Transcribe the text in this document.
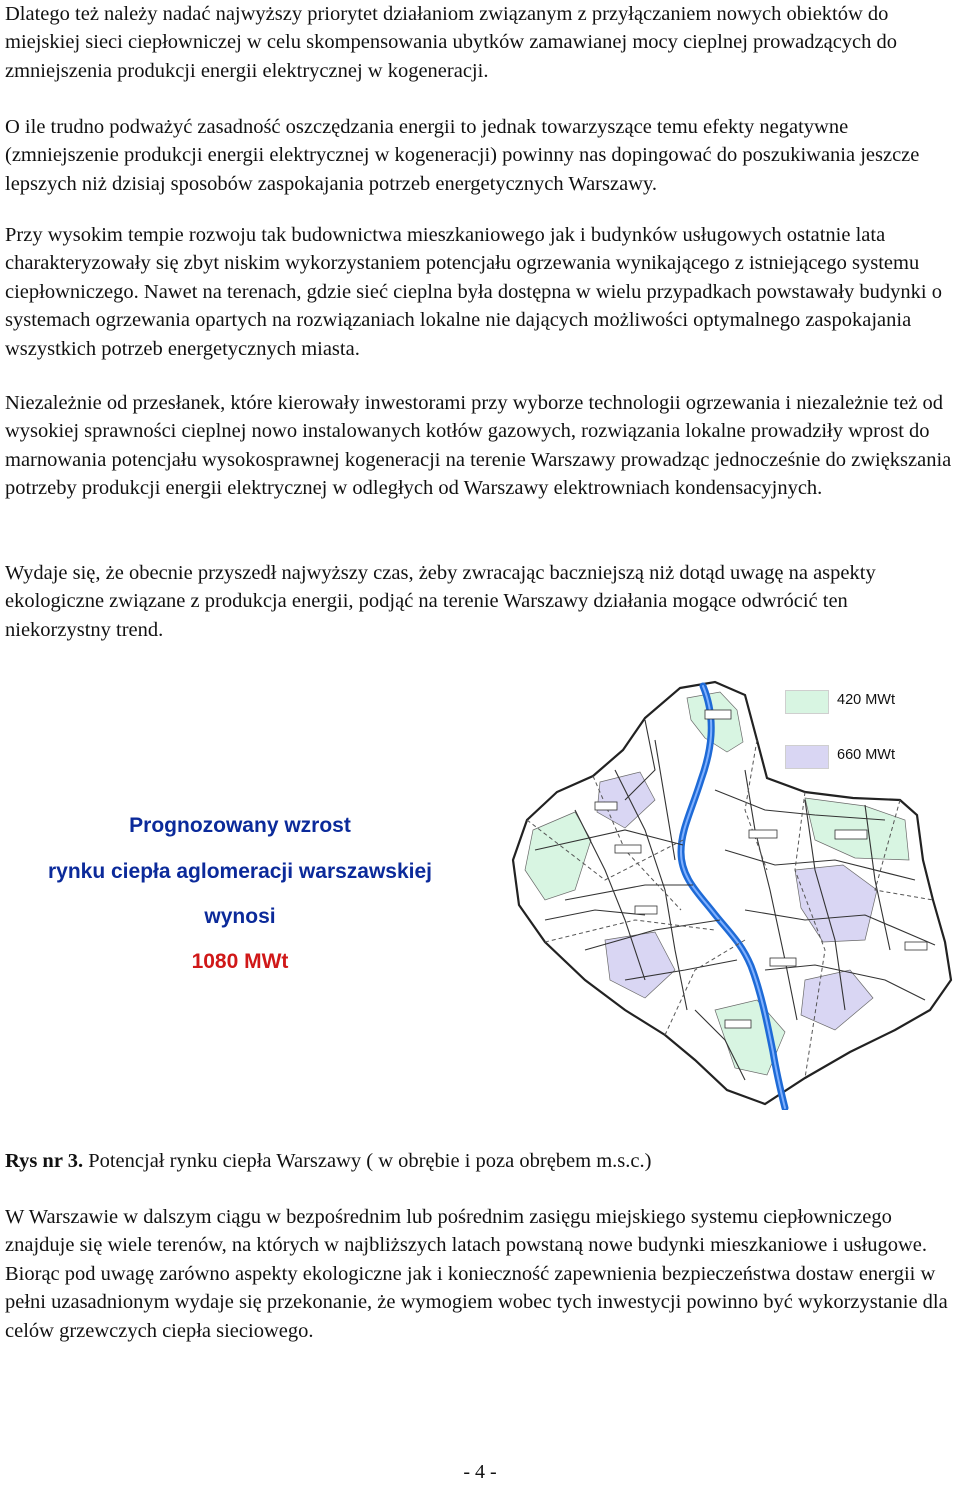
Dlatego też należy nadać najwyższy priorytet działaniom związanym z przyłączaniem nowych obiektów do miejskiej sieci ciepłowniczej w celu skompensowania ubytków zamawianej mocy cieplnej prowadzących do zmniejszenia produkcji energii elektrycznej w kogeneracji.

O ile trudno podważyć zasadność oszczędzania energii to jednak towarzyszące temu efekty negatywne (zmniejszenie produkcji energii elektrycznej w kogeneracji) powinny nas dopingować do poszukiwania jeszcze lepszych niż dzisiaj sposobów zaspokajania potrzeb energetycznych Warszawy.

Przy wysokim tempie rozwoju tak budownictwa mieszkaniowego jak i budynków usługowych ostatnie lata charakteryzowały się zbyt niskim wykorzystaniem potencjału ogrzewania wynikającego z istniejącego systemu ciepłowniczego. Nawet na terenach, gdzie sieć cieplna była dostępna w wielu przypadkach powstawały budynki o systemach ogrzewania opartych na rozwiązaniach lokalne nie dających możliwości optymalnego zaspokajania wszystkich potrzeb energetycznych miasta.

Niezależnie od przesłanek, które kierowały inwestorami przy wyborze technologii ogrzewania i niezależnie też od wysokiej sprawności cieplnej nowo instalowanych kotłów gazowych, rozwiązania lokalne prowadziły wprost do marnowania potencjału wysokosprawnej kogeneracji na terenie Warszawy prowadząc jednocześnie do zwiększania potrzeby produkcji energii elektrycznej w odległych od Warszawy elektrowniach kondensacyjnych.

Wydaje się, że obecnie przyszedł najwyższy czas, żeby zwracając baczniejszą niż dotąd uwagę na aspekty ekologiczne związane z produkcja energii, podjąć na terenie Warszawy działania mogące odwrócić ten niekorzystny trend.

Prognozowany wzrost
rynku ciepła aglomeracji warszawskiej
wynosi
1080 MWt
420 MWt
660 MWt

Rys nr 3. Potencjał rynku ciepła Warszawy ( w obrębie i poza obrębem m.s.c.)

W Warszawie w dalszym ciągu w bezpośrednim lub pośrednim zasięgu miejskiego systemu ciepłowniczego znajduje się wiele terenów, na których w najbliższych latach powstaną nowe budynki mieszkaniowe i usługowe. Biorąc pod uwagę zarówno aspekty ekologiczne jak i konieczność zapewnienia bezpieczeństwa dostaw energii w pełni uzasadnionym wydaje się przekonanie, że wymogiem wobec tych inwestycji powinno być wykorzystanie dla celów grzewczych ciepła sieciowego.

- 4 -
